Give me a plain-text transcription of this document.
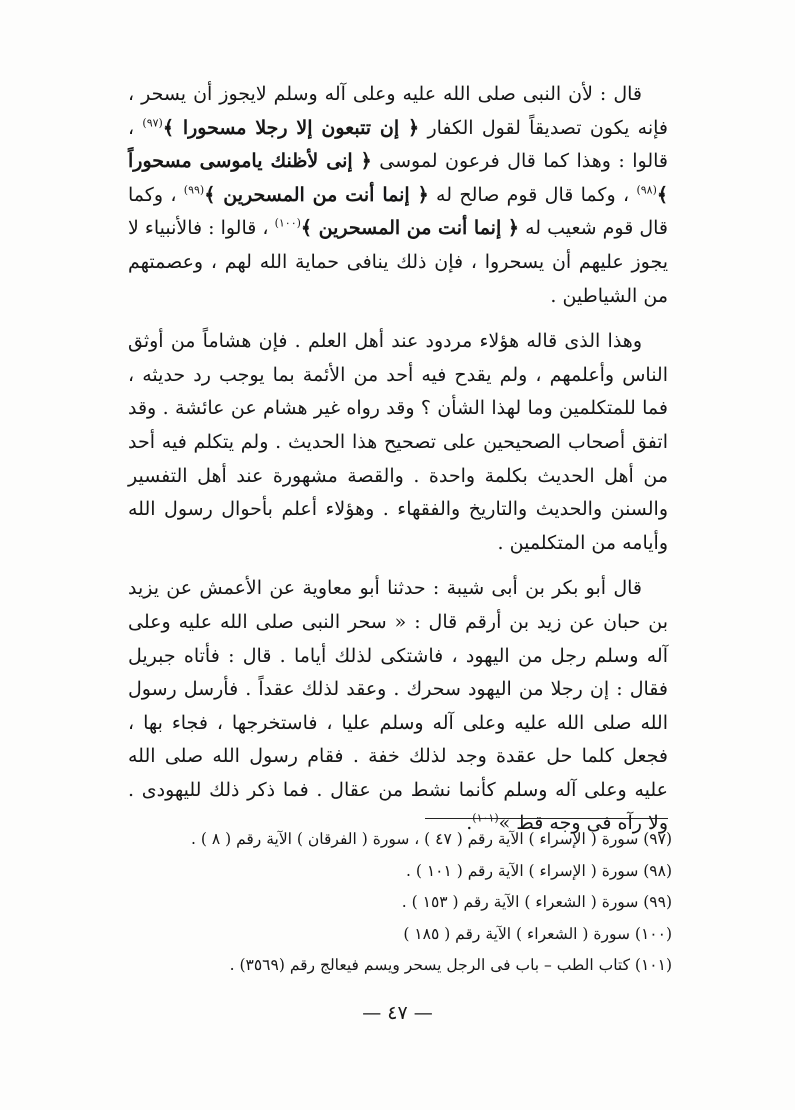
قال : لأن النبى صلى الله عليه وعلى آله وسلم لايجوز أن يسحر ، فإنه يكون تصديقاً لقول الكفار ﴿ إن تتبعون إلا رجلا مسحورا ﴾$^{(٩٧)}$ ، قالوا : وهذا كما قال فرعون لموسى ﴿ إنى لأظنك ياموسى مسحوراً ﴾$^{(٩٨)}$ ، وكما قال قوم صالح له ﴿ إنما أنت من المسحرين ﴾$^{(٩٩)}$ ، وكما قال قوم شعيب له ﴿ إنما أنت من المسحرين ﴾$^{(١٠٠)}$ ، قالوا : فالأنبياء لا يجوز عليهم أن يسحروا ، فإن ذلك ينافى حماية الله لهم ، وعصمتهم من الشياطين .

وهذا الذى قاله هؤلاء مردود عند أهل العلم . فإن هشاماً من أوثق الناس وأعلمهم ، ولم يقدح فيه أحد من الأئمة بما يوجب رد حديثه ، فما للمتكلمين وما لهذا الشأن ؟ وقد رواه غير هشام عن عائشة . وقد اتفق أصحاب الصحيحين على تصحيح هذا الحديث . ولم يتكلم فيه أحد من أهل الحديث بكلمة واحدة . والقصة مشهورة عند أهل التفسير والسنن والحديث والتاريخ والفقهاء . وهؤلاء أعلم بأحوال رسول الله وأيامه من المتكلمين .

قال أبو بكر بن أبى شيبة : حدثنا أبو معاوية عن الأعمش عن يزيد بن حبان عن زيد بن أرقم قال : « سحر النبى صلى الله عليه وعلى آله وسلم رجل من اليهود ، فاشتكى لذلك أياما . قال : فأتاه جبريل فقال : إن رجلا من اليهود سحرك . وعقد لذلك عقداً . فأرسل رسول الله صلى الله عليه وعلى آله وسلم عليا ، فاستخرجها ، فجاء بها ، فجعل كلما حل عقدة وجد لذلك خفة . فقام رسول الله صلى الله عليه وعلى آله وسلم كأنما نشط من عقال . فما ذكر ذلك لليهودى . ولا رآه فى وجه قط »$^{(١٠١)}$.

(٩٧) سورة ( الإسراء ) الآية رقم ( ٤٧ ) ، سورة ( الفرقان ) الآية رقم ( ٨ ) .
(٩٨) سورة ( الإسراء ) الآية رقم ( ١٠١ ) .
(٩٩) سورة ( الشعراء ) الآية رقم ( ١٥٣ ) .
(١٠٠) سورة ( الشعراء ) الآية رقم ( ١٨٥ )
(١٠١) كتاب الطب – باب فى الرجل يسحر ويسم فيعالج رقم (٣٥٦٩) .
— ٤٧ —
